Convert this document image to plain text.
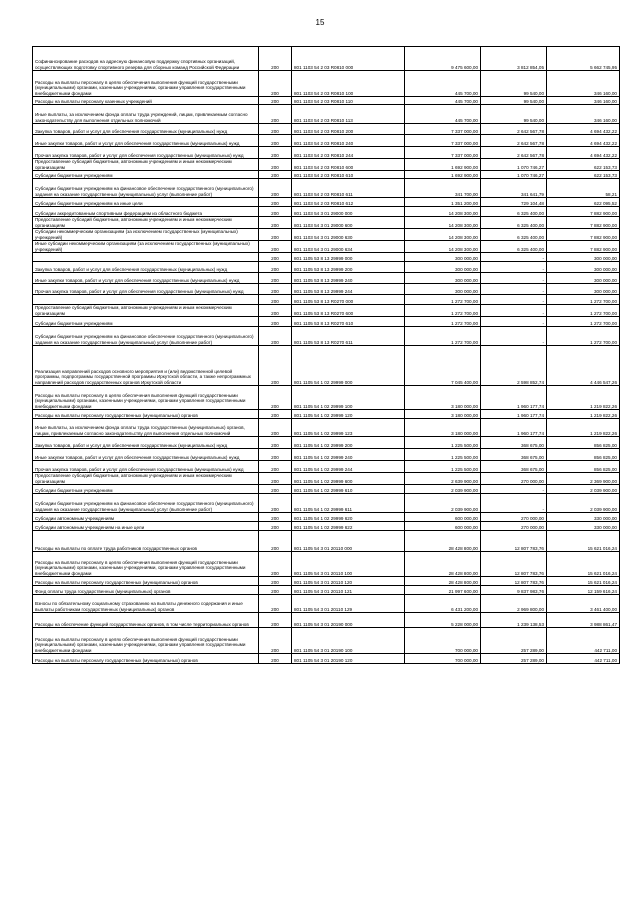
15
Софинансирование расходов на адресную финансовую поддержку спортивных организаций, осуществляющих подготовку спортивного резерва для сборных команд Российской Федерации	200	801 1103 54 2 03 R0810 000	9 475 600,00	3 812 854,05	5 662 745,95
Расходы на выплаты персоналу в целях обеспечения выполнения функций государственными (муниципальными) органами, казенными учреждениями, органами управления государственными внебюджетными фондами	200	801 1103 54 2 03 R0810 100	445 700,00	99 540,00	346 160,00
Расходы на выплаты персоналу казенных учреждений	200	801 1103 54 2 03 R0810 110	445 700,00	99 540,00	346 160,00
Иные выплаты, за исключением фонда оплаты труда учреждений, лицам, привлекаемым согласно законодательству для выполнения отдельных полномочий	200	801 1103 54 2 03 R0810 113	445 700,00	99 540,00	346 160,00
Закупка товаров, работ и услуг для обеспечения государственных (муниципальных) нужд	200	801 1103 54 2 03 R0810 200	7 337 000,00	2 642 567,78	4 694 432,22
Иные закупки товаров, работ и услуг для обеспечения государственных (муниципальных) нужд	200	801 1103 54 2 03 R0810 240	7 337 000,00	2 642 567,78	4 694 432,22
Прочая закупка товаров, работ и услуг для обеспечения государственных (муниципальных) нужд	200	801 1103 54 2 03 R0810 244	7 337 000,00	2 642 567,78	4 694 432,22
Предоставление субсидий бюджетным, автономным учреждениям и иным некоммерческим организациям	200	801 1103 54 2 03 R0810 600	1 692 900,00	1 070 746,27	622 153,73
Субсидии бюджетным учреждениям	200	801 1103 54 2 03 R0810 610	1 692 900,00	1 070 746,27	622 153,73
Субсидии бюджетным учреждениям на финансовое обеспечение государственного (муниципального) задания на оказание государственных (муниципальных) услуг (выполнение работ)	200	801 1103 54 2 03 R0810 611	341 700,00	341 641,79	58,21
Субсидии бюджетным учреждениям на иные цели	200	801 1103 54 2 03 R0810 612	1 351 200,00	729 104,48	622 095,52
Субсидии аккредитованным спортивным федерациям из областного бюджета	200	801 1103 54 3 01 29000 000	14 208 300,00	6 325 400,00	7 882 900,00
Предоставление субсидий бюджетным, автономным учреждениям и иным некоммерческим организациям	200	801 1103 54 3 01 29000 600	14 208 300,00	6 325 400,00	7 882 900,00
Субсидии некоммерческим организациям (за исключением государственных (муниципальных) учреждений)	200	801 1103 54 3 01 29000 630	14 208 300,00	6 325 400,00	7 882 900,00
Иные субсидии некоммерческим организациям (за исключением государственных (муниципальных) учреждений)	200	801 1103 54 3 01 29000 634	14 208 300,00	6 325 400,00	7 882 900,00
	200	801 1105 53 8 13 29999 000	300 000,00	-	300 000,00
Закупка товаров, работ и услуг для обеспечения государственных (муниципальных) нужд	200	801 1105 53 8 13 29999 200	300 000,00	-	300 000,00
Иные закупки товаров, работ и услуг для обеспечения государственных (муниципальных) нужд	200	801 1105 53 8 13 29999 240	300 000,00	-	300 000,00
Прочая закупка товаров, работ и услуг для обеспечения государственных (муниципальных) нужд	200	801 1105 53 8 13 29999 244	300 000,00	-	300 000,00
	200	801 1105 53 8 13 R0270 000	1 272 700,00	-	1 272 700,00
Предоставление субсидий бюджетным, автономным учреждениям и иным некоммерческим организациям	200	801 1105 53 8 13 R0270 600	1 272 700,00	-	1 272 700,00
Субсидии бюджетным учреждениям	200	801 1105 53 8 13 R0270 610	1 272 700,00	-	1 272 700,00
Субсидии бюджетным учреждениям на финансовое обеспечение государственного (муниципального) задания на оказание государственных (муниципальных) услуг (выполнение работ)	200	801 1105 53 8 13 R0270 611	1 272 700,00	-	1 272 700,00
Реализация направлений расходов основного мероприятия и (или) ведомственной целевой программы, подпрограммы государственной программы Иркутской области, а также непрограммных направлений расходов государственных органов Иркутской области	200	801 1105 54 1 02 29999 000	7 045 400,00	2 598 852,74	4 446 547,26
Расходы на выплаты персоналу в целях обеспечения выполнения функций государственными (муниципальными) органами, казенными учреждениями, органами управления государственными внебюджетными фондами	200	801 1105 54 1 02 29999 100	3 180 000,00	1 960 177,74	1 219 822,26
Расходы на выплаты персоналу государственных (муниципальных) органов	200	801 1105 54 1 02 29999 120	3 180 000,00	1 960 177,74	1 219 822,26
Иные выплаты, за исключением фонда оплаты труда государственных (муниципальных) органов, лицам, привлекаемым согласно законодательству для выполнения отдельных полномочий	200	801 1105 54 1 02 29999 123	3 180 000,00	1 960 177,74	1 219 822,26
Закупка товаров, работ и услуг для обеспечения государственных (муниципальных) нужд	200	801 1105 54 1 02 29999 200	1 225 500,00	368 675,00	856 825,00
Иные закупки товаров, работ и услуг для обеспечения государственных (муниципальных) нужд	200	801 1105 54 1 02 29999 240	1 225 500,00	368 675,00	856 825,00
Прочая закупка товаров, работ и услуг для обеспечения государственных (муниципальных) нужд	200	801 1105 54 1 02 29999 244	1 225 500,00	368 675,00	856 825,00
Предоставление субсидий бюджетным, автономным учреждениям и иным некоммерческим организациям	200	801 1105 54 1 02 29999 600	2 639 900,00	270 000,00	2 369 900,00
Субсидии бюджетным учреждениям	200	801 1105 54 1 02 29999 610	2 039 900,00	-	2 039 900,00
Субсидии бюджетным учреждениям на финансовое обеспечение государственного (муниципального) задания на оказание государственных (муниципальных) услуг (выполнение работ)	200	801 1105 54 1 02 29999 611	2 039 900,00	-	2 039 900,00
Субсидии автономным учреждениям	200	801 1105 54 1 02 29999 620	600 000,00	270 000,00	330 000,00
Субсидии автономным учреждениям на иные цели	200	801 1105 54 1 02 29999 622	600 000,00	270 000,00	330 000,00
Расходы на выплаты по оплате труда работников государственных органов	200	801 1105 54 3 01 20110 000	28 428 800,00	12 807 783,76	15 621 016,24
Расходы на выплаты персоналу в целях обеспечения выполнения функций государственными (муниципальными) органами, казенными учреждениями, органами управления государственными внебюджетными фондами	200	801 1105 54 3 01 20110 100	28 428 800,00	12 807 783,76	15 621 016,24
Расходы на выплаты персоналу государственных (муниципальных) органов	200	801 1105 54 3 01 20110 120	28 428 800,00	12 807 783,76	15 621 016,24
Фонд оплаты труда государственных (муниципальных) органов	200	801 1105 54 3 01 20110 121	21 997 600,00	9 837 983,76	12 159 616,24
Взносы по обязательному социальному страхованию на выплаты денежного содержания и иные выплаты работникам государственных (муниципальных) органов	200	801 1105 54 3 01 20110 129	6 431 200,00	2 969 800,00	3 461 400,00
Расходы на обеспечение функций государственных органов, в том числе территориальных органов	200	801 1105 54 3 01 20190 000	5 228 000,00	1 239 138,53	3 988 861,47
Расходы на выплаты персоналу в целях обеспечения выполнения функций государственными (муниципальными) органами, казенными учреждениями, органами управления государственными внебюджетными фондами	200	801 1105 54 3 01 20190 100	700 000,00	257 289,00	442 711,00
Расходы на выплаты персоналу государственных (муниципальных) органов	200	801 1105 54 3 01 20190 120	700 000,00	257 289,00	442 711,00
